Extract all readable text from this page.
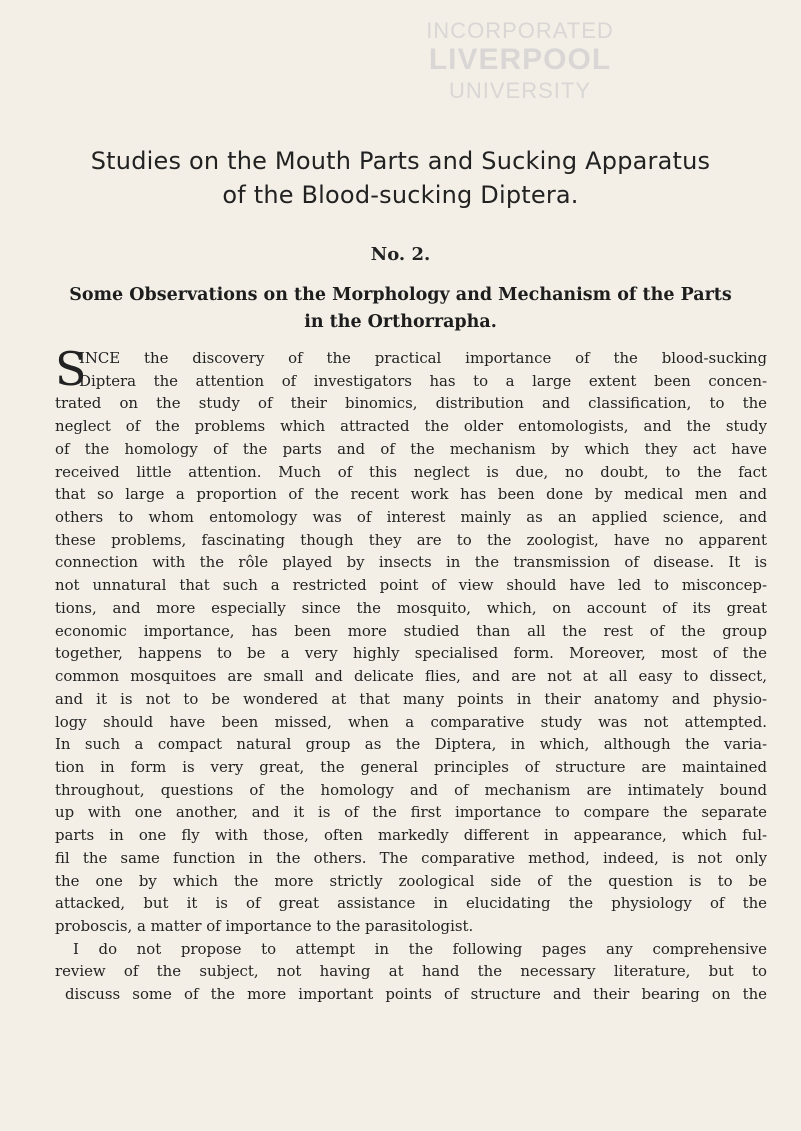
INCORPORATED
LIVERPOOL
UNIVERSITY
Studies on the Mouth Parts and Sucking Apparatus
of the Blood-sucking Diptera.
No. 2.
Some Observations on the Morphology and Mechanism of the Parts
in the Orthorrapha.
S
INCE the discovery of the practical importance of the blood-sucking
Diptera the attention of investigators has to a large extent been concen-
trated on the study of their binomics, distribution and classification, to the
neglect of the problems which attracted the older entomologists, and the study
of the homology of the parts and of the mechanism by which they act have
received little attention. Much of this neglect is due, no doubt, to the fact
that so large a proportion of the recent work has been done by medical men and
others to whom entomology was of interest mainly as an applied science, and
these problems, fascinating though they are to the zoologist, have no apparent
connection with the rôle played by insects in the transmission of disease. It is
not unnatural that such a restricted point of view should have led to misconcep-
tions, and more especially since the mosquito, which, on account of its great
economic importance, has been more studied than all the rest of the group
together, happens to be a very highly specialised form. Moreover, most of the
common mosquitoes are small and delicate flies, and are not at all easy to dissect,
and it is not to be wondered at that many points in their anatomy and physio-
logy should have been missed, when a comparative study was not attempted.
In such a compact natural group as the Diptera, in which, although the varia-
tion in form is very great, the general principles of structure are maintained
throughout, questions of the homology and of mechanism are intimately bound
up with one another, and it is of the first importance to compare the separate
parts in one fly with those, often markedly different in appearance, which ful-
fil the same function in the others. The comparative method, indeed, is not only
the one by which the more strictly zoological side of the question is to be
attacked, but it is of great assistance in elucidating the physiology of the
proboscis, a matter of importance to the parasitologist.
I do not propose to attempt in the following pages any comprehensive
review of the subject, not having at hand the necessary literature, but to
discuss some of the more important points of structure and their bearing on the
